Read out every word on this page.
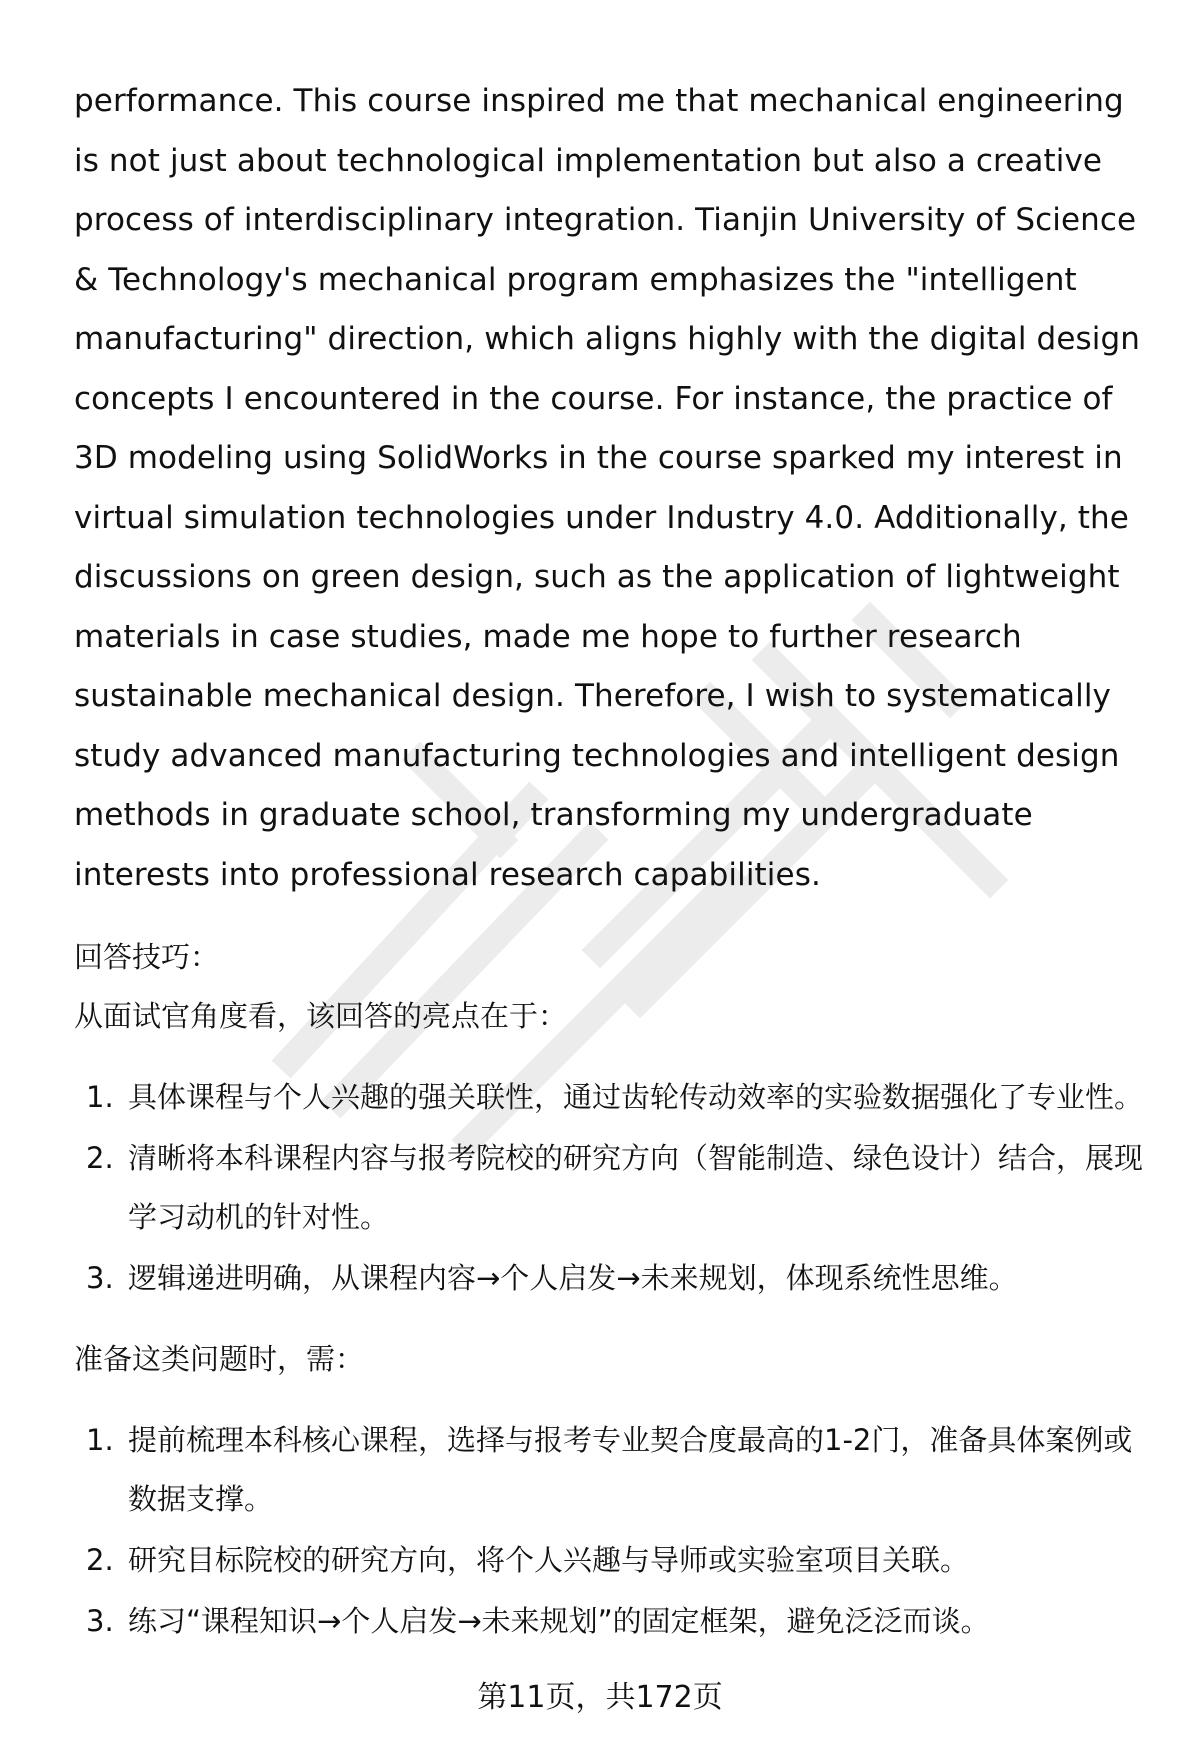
performance. This course inspired me that mechanical engineering is not just about technological implementation but also a creative process of interdisciplinary integration. Tianjin University of Science & Technology's mechanical program emphasizes the "intelligent manufacturing" direction, which aligns highly with the digital design concepts I encountered in the course. For instance, the practice of 3D modeling using SolidWorks in the course sparked my interest in virtual simulation technologies under Industry 4.0. Additionally, the discussions on green design, such as the application of lightweight materials in case studies, made me hope to further research sustainable mechanical design. Therefore, I wish to systematically study advanced manufacturing technologies and intelligent design methods in graduate school, transforming my undergraduate interests into professional research capabilities.

回答技巧：

从面试官角度看，该回答的亮点在于：

1. 具体课程与个人兴趣的强关联性，通过齿轮传动效率的实验数据强化了专业性。
2. 清晰将本科课程内容与报考院校的研究方向（智能制造、绿色设计）结合，展现学习动机的针对性。
3. 逻辑递进明确，从课程内容→个人启发→未来规划，体现系统性思维。

准备这类问题时，需：

1. 提前梳理本科核心课程，选择与报考专业契合度最高的1-2门，准备具体案例或数据支撑。
2. 研究目标院校的研究方向，将个人兴趣与导师或实验室项目关联。
3. 练习“课程知识→个人启发→未来规划”的固定框架，避免泛泛而谈。
第11页，共172页
